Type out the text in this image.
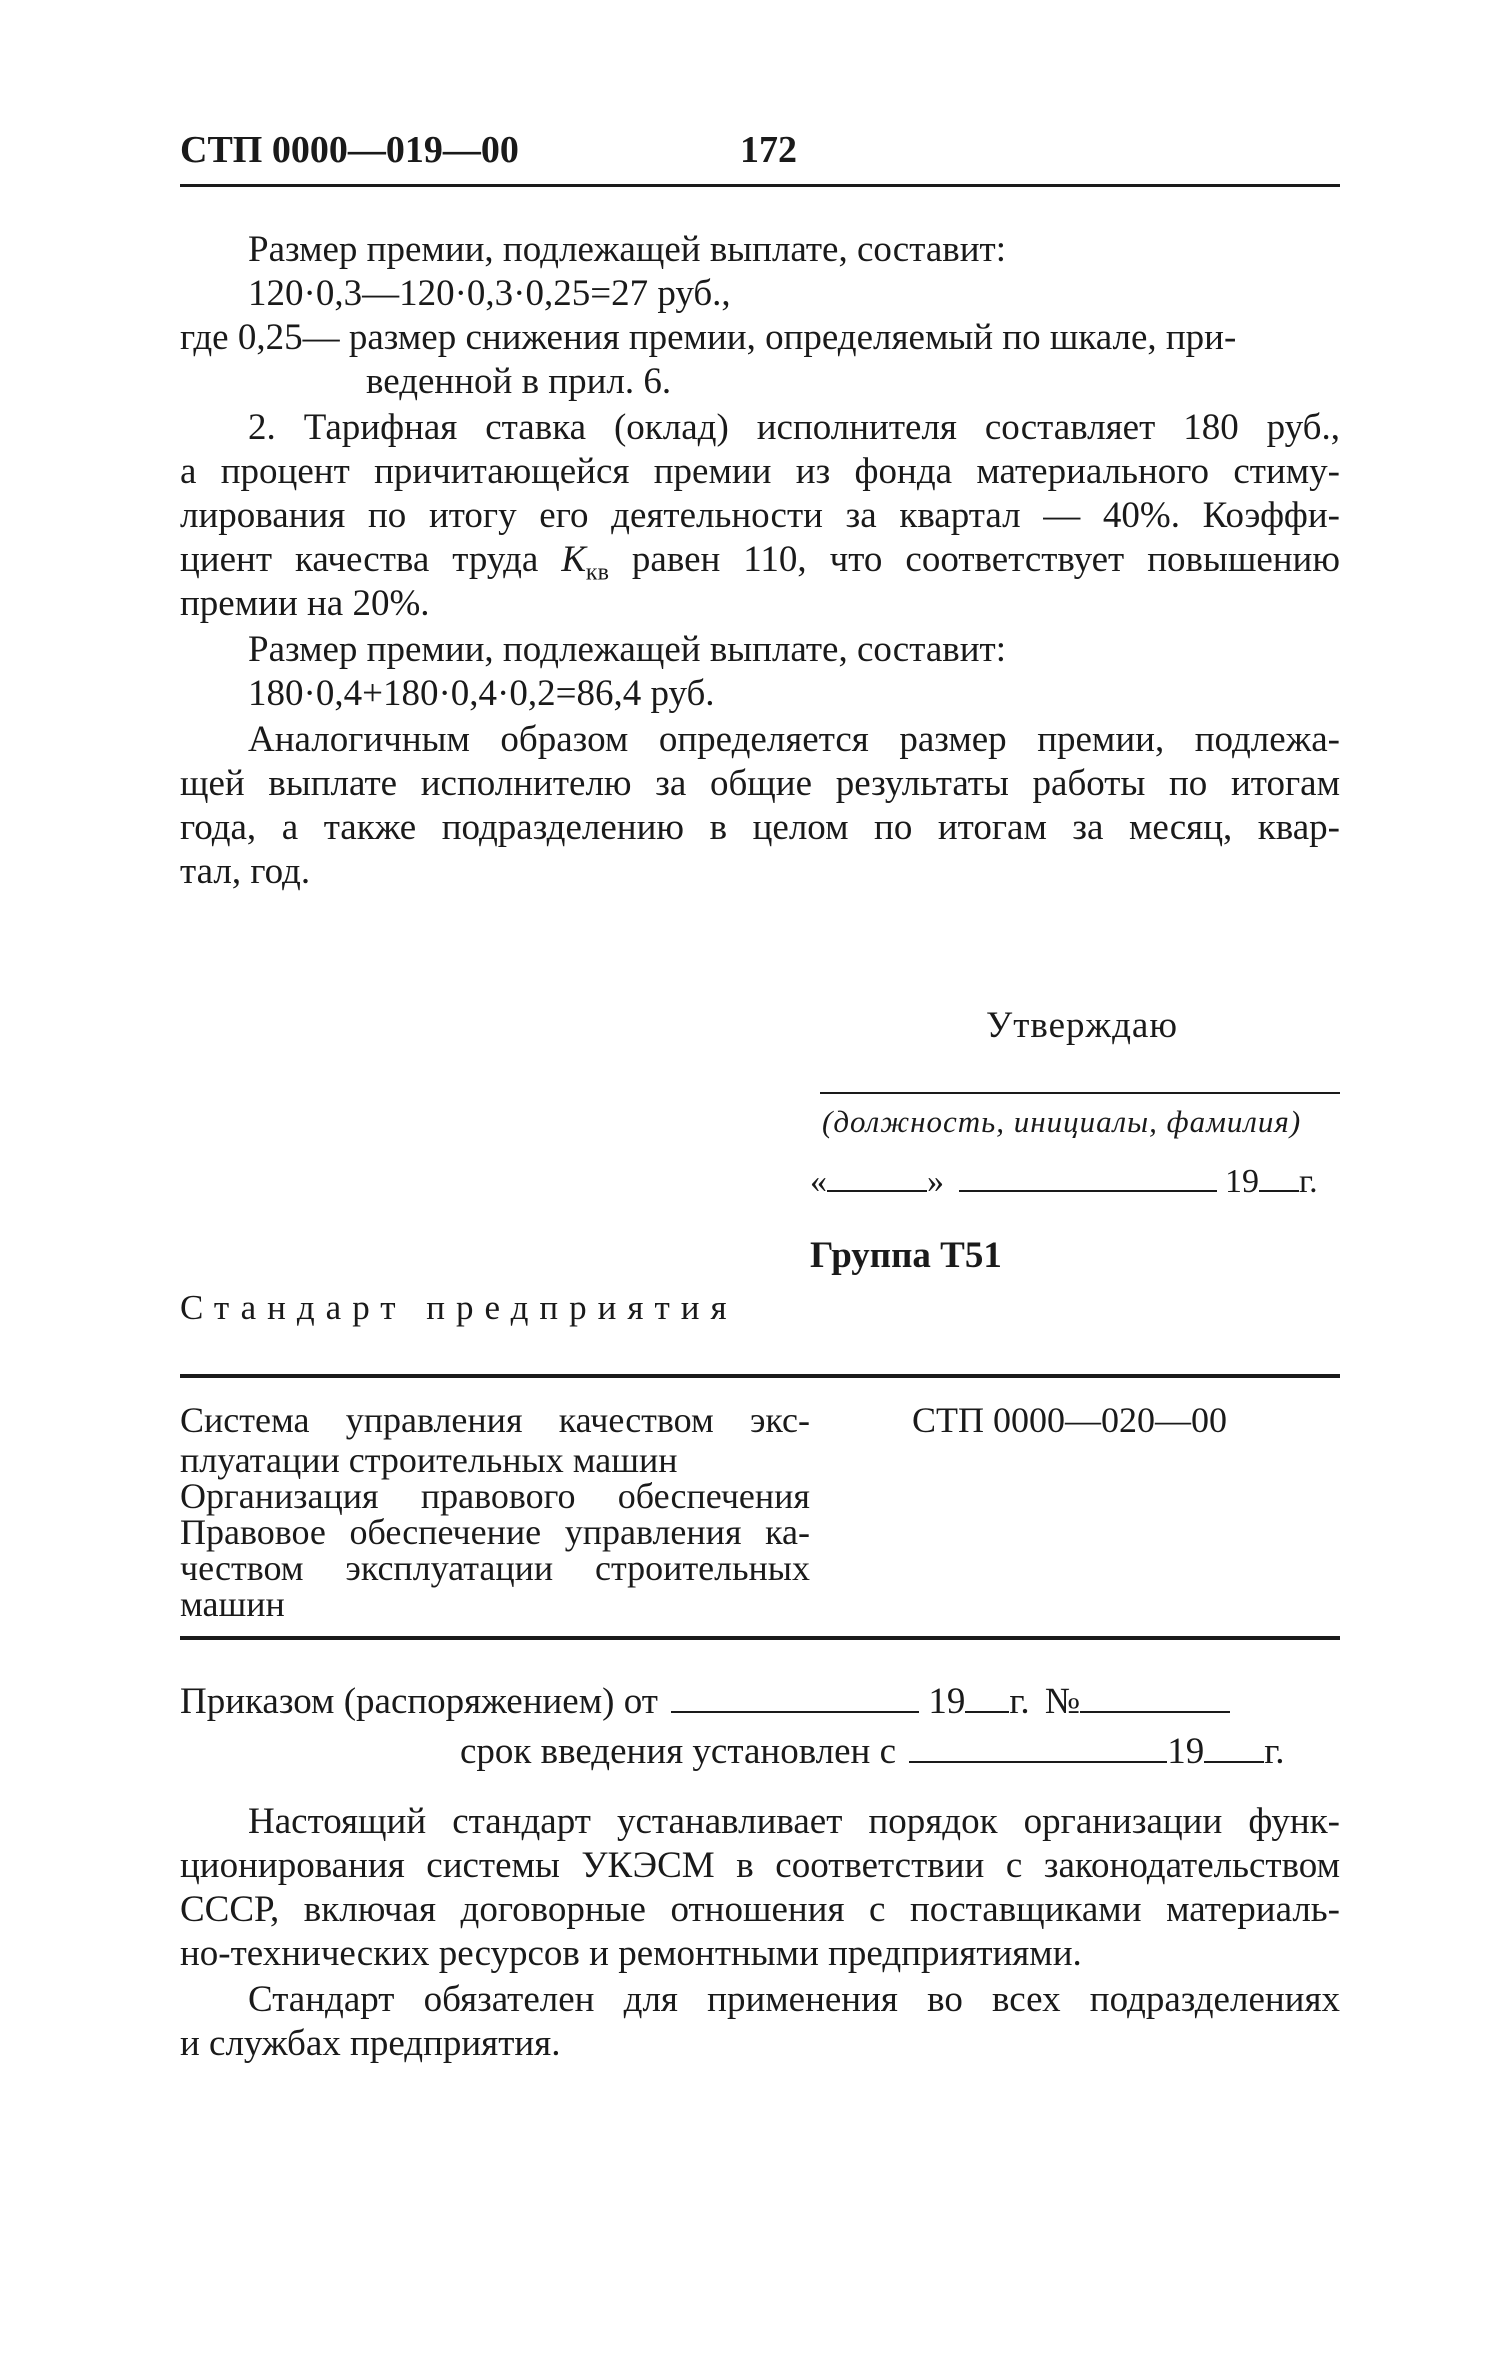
СТП 0000—019—00	172
Размер премии, подлежащей выплате, составит:
120·0,3—120·0,3·0,25=27 руб.,
где 0,25— размер снижения премии, определяемый по шкале, при-
веденной в прил. 6.
2. Тарифная ставка (оклад) исполнителя составляет 180 руб.,
а процент причитающейся премии из фонда материального стиму-
лирования по итогу его деятельности за квартал — 40%. Коэффи-
циент качества труда $К_{кв}$ равен 110, что соответствует повышению
премии на 20%.
Размер премии, подлежащей выплате, составит:
180·0,4+180·0,4·0,2=86,4 руб.
Аналогичным образом определяется размер премии, подлежа-
щей выплате исполнителю за общие результаты работы по итогам
года, а также подразделению в целом по итогам за месяц, квар-
тал, год.
Утверждаю
(должность, инициалы, фамилия)
«	»	19 г.
Группа Т51
Стандарт предприятия
Система управления качеством экс-
плуатации строительных машин
Организация правового обеспечения
Правовое обеспечение управления ка-
чеством эксплуатации строительных
машин
СТП 0000—020—00
Приказом (распоряжением) от	19 г. №
срок введения установлен с	19 г.
Настоящий стандарт устанавливает порядок организации функ-
ционирования системы УКЭСМ в соответствии с законодательством
СССР, включая договорные отношения с поставщиками материаль-
но-технических ресурсов и ремонтными предприятиями.
Стандарт обязателен для применения во всех подразделениях
и службах предприятия.
